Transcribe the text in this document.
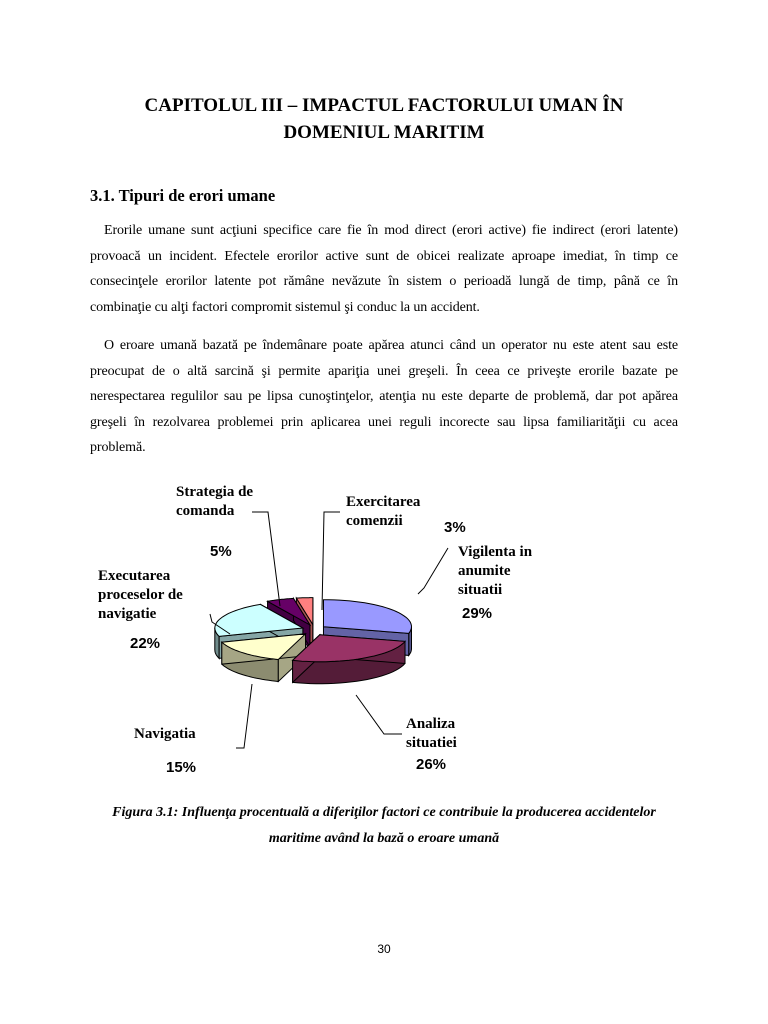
CAPITOLUL III – IMPACTUL FACTORULUI UMAN ÎN
DOMENIUL MARITIM
3.1. Tipuri de erori umane

Erorile umane sunt acţiuni specifice care fie în mod direct (erori active) fie indirect (erori latente) provoacă un incident. Efectele erorilor active sunt de obicei realizate aproape imediat, în timp ce consecinţele erorilor latente pot rămâne nevăzute în sistem o perioadă lungă de timp, până ce în combinaţie cu alţi factori compromit sistemul şi conduc la un accident.

O eroare umană bazată pe îndemânare poate apărea atunci când un operator nu este atent sau este preocupat de o altă sarcină şi permite apariţia unei greşeli. În ceea ce priveşte erorile bazate pe nerespectarea regulilor sau pe lipsa cunoştinţelor, atenţia nu este departe de problemă, dar pot apărea greşeli în rezolvarea problemei prin aplicarea unei reguli incorecte sau lipsa familiarităţii cu acea problemă.

Vigilenta in anumite situatii
29%
Analiza situatiei
26%
Navigatia
15%
Executarea proceselor de navigatie
22%
Strategia de comanda
5%
Exercitarea comenzii	3%
Figura 3.1: Influenţa procentuală a diferiţilor factori ce contribuie la producerea accidentelor
maritime având la bază o eroare umană
30
